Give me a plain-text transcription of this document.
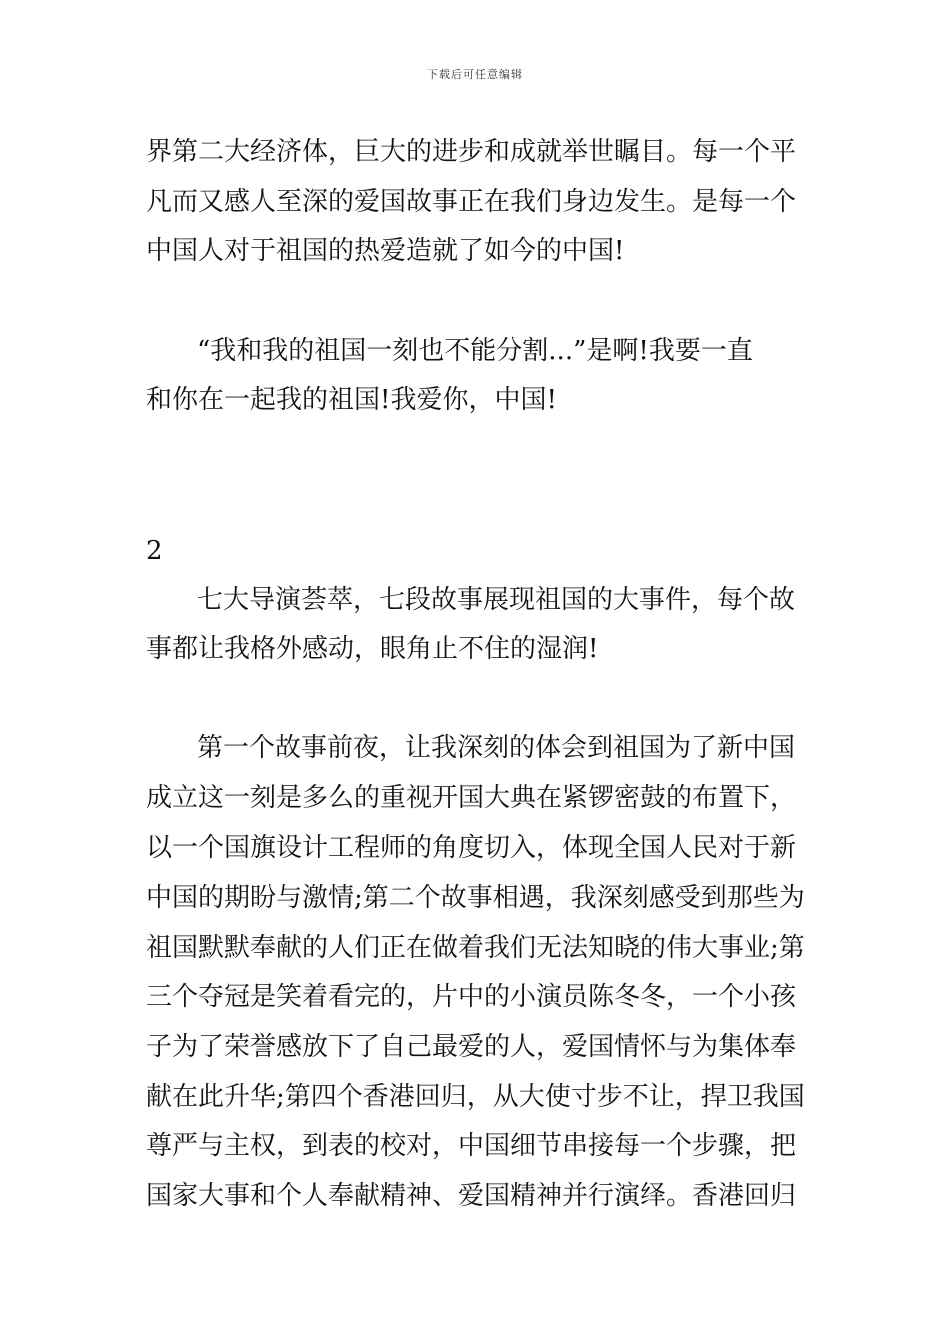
下载后可任意编辑
界第二大经济体，巨大的进步和成就举世瞩目。每一个平
凡而又感人至深的爱国故事正在我们身边发生。是每一个
中国人对于祖国的热爱造就了如今的中国!
“我和我的祖国一刻也不能分割...”是啊!我要一直
和你在一起我的祖国!我爱你，中国!
2
七大导演荟萃，七段故事展现祖国的大事件，每个故
事都让我格外感动，眼角止不住的湿润!
第一个故事前夜，让我深刻的体会到祖国为了新中国
成立这一刻是多么的重视开国大典在紧锣密鼓的布置下，
以一个国旗设计工程师的角度切入，体现全国人民对于新
中国的期盼与激情;第二个故事相遇，我深刻感受到那些为
祖国默默奉献的人们正在做着我们无法知晓的伟大事业;第
三个夺冠是笑着看完的，片中的小演员陈冬冬，一个小孩
子为了荣誉感放下了自己最爱的人，爱国情怀与为集体奉
献在此升华;第四个香港回归，从大使寸步不让，捍卫我国
尊严与主权，到表的校对，中国细节串接每一个步骤，把
国家大事和个人奉献精神、爱国精神并行演绎。香港回归
